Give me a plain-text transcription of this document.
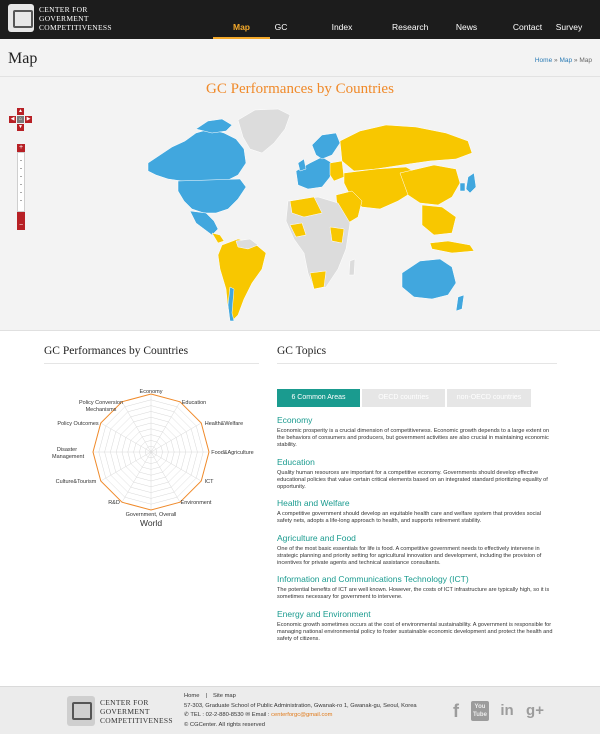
CENTER FOR
GOVERMENT
COMPETITIVENESS	Map	GC	Index	Research	News	Contact	Survey
Map	Home » Map » Map
GC Performances by Countries
▲
◀ ⌂ ▶
▼
+
−
GC Performances by Countries
Economy
Education
Health&Welfare
Food&Agriculture
ICT
Environment
Government, Overall
R&D
Culture&Tourism
Disaster Management
Policy Outcomes
Policy Conversion Mechanisms
World
GC Topics
6 Common Areas	OECD countries	non-OECD countries
Economy
Economic prosperity is a crucial dimension of competitiveness. Economic growth depends to a large extent on the behaviors of consumers and producers, but government activities are also crucial in maintaining economic stability.
Education
Quality human resources are important for a competitive economy. Governments should develop effective educational policies that value certain critical elements based on an integrated standard prioritizing equality of opportunity.
Health and Welfare
A competitive government should develop an equitable health care and welfare system that provides social safety nets, adopts a life-long approach to health, and supports retirement stability.
Agriculture and Food
One of the most basic essentials for life is food. A competitive government needs to effectively intervene in strategic planning and priority setting for agricultural innovation and development, including the provision of incentives for private agents and technical assistance consultants.
Information and Communications Technology (ICT)
The potential benefits of ICT are well known. However, the costs of ICT infrastructure are typically high, so it is sometimes necessary for government to intervene.
Energy and Environment
Economic growth sometimes occurs at the cost of environmental sustainability. A government is responsible for managing national environmental policy to foster sustainable economic development and protect the health and safety of citizens.
CENTER FOR
GOVERMENT
COMPETITIVENESS
Home | Site map
57-303, Graduate School of Public Administration, Gwanak-ro 1, Gwanak-gu, Seoul, Korea
✆ TEL : 02-2-880-8530 ✉ Email : centerforgc@gmail.com
© CGCenter. All rights reserved
f	You Tube in g+
